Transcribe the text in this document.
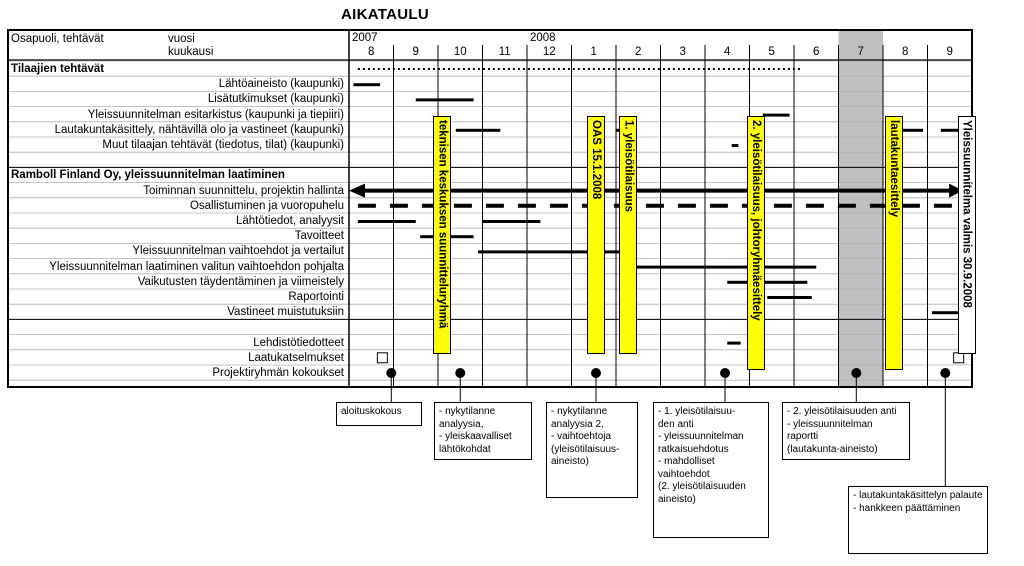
AIKATAULU
Osapuoli, tehtävät	vuosi
kuukausi
2007	2008
8	9	10	11	12	1	2	3	4	5	6	7	8	9
Tilaajien tehtävät
Ramboll Finland Oy, yleissuunnitelman laatiminen
Lähtöaineisto (kaupunki)
Lisätutkimukset (kaupunki)
Yleissuunnitelman esitarkistus (kaupunki ja tiepiiri)
Lautakuntakäsittely, nähtävillä olo ja vastineet (kaupunki)
Muut tilaajan tehtävät (tiedotus, tilat) (kaupunki)
Toiminnan suunnittelu, projektin hallinta
Osallistuminen ja vuoropuhelu
Lähtötiedot, analyysit
Tavoitteet
Yleissuunnitelman vaihtoehdot ja vertailut
Yleissuunnitelman laatiminen valitun vaihtoehdon pohjalta
Vaikutusten täydentäminen ja viimeistely
Raportointi
Vastineet muistutuksiin
Lehdistötiedotteet
Laatukatselmukset
Projektiryhmän kokoukset
teknisen keskuksen suunnitteluryhmä	OAS 15.1.2008 1. yleisötilaisuus	2. yleisötilaisuus, johtoryhmäesittely	lautakuntaesittely	Yleissuunnitelma valmis 30.9.2008
aloituskokous	- nykytilanne
analyysia,
- yleiskaavalliset
lähtökohdat
- nykytilanne
analyysia 2,
- vaihtoehtoja
(yleisötilaisuus-
aineisto)
- 1. yleisötilaisuu-
den anti
- yleissuunnitelman
ratkaisuehdotus
- mahdolliset
vaihtoehdot
(2. yleisötilaisuuden
aineisto)
- 2. yleisötilaisuuden anti
- yleissuunnitelman raportti
(lautakunta-aineisto)
- lautakuntakäsittelyn palaute
- hankkeen päättäminen
